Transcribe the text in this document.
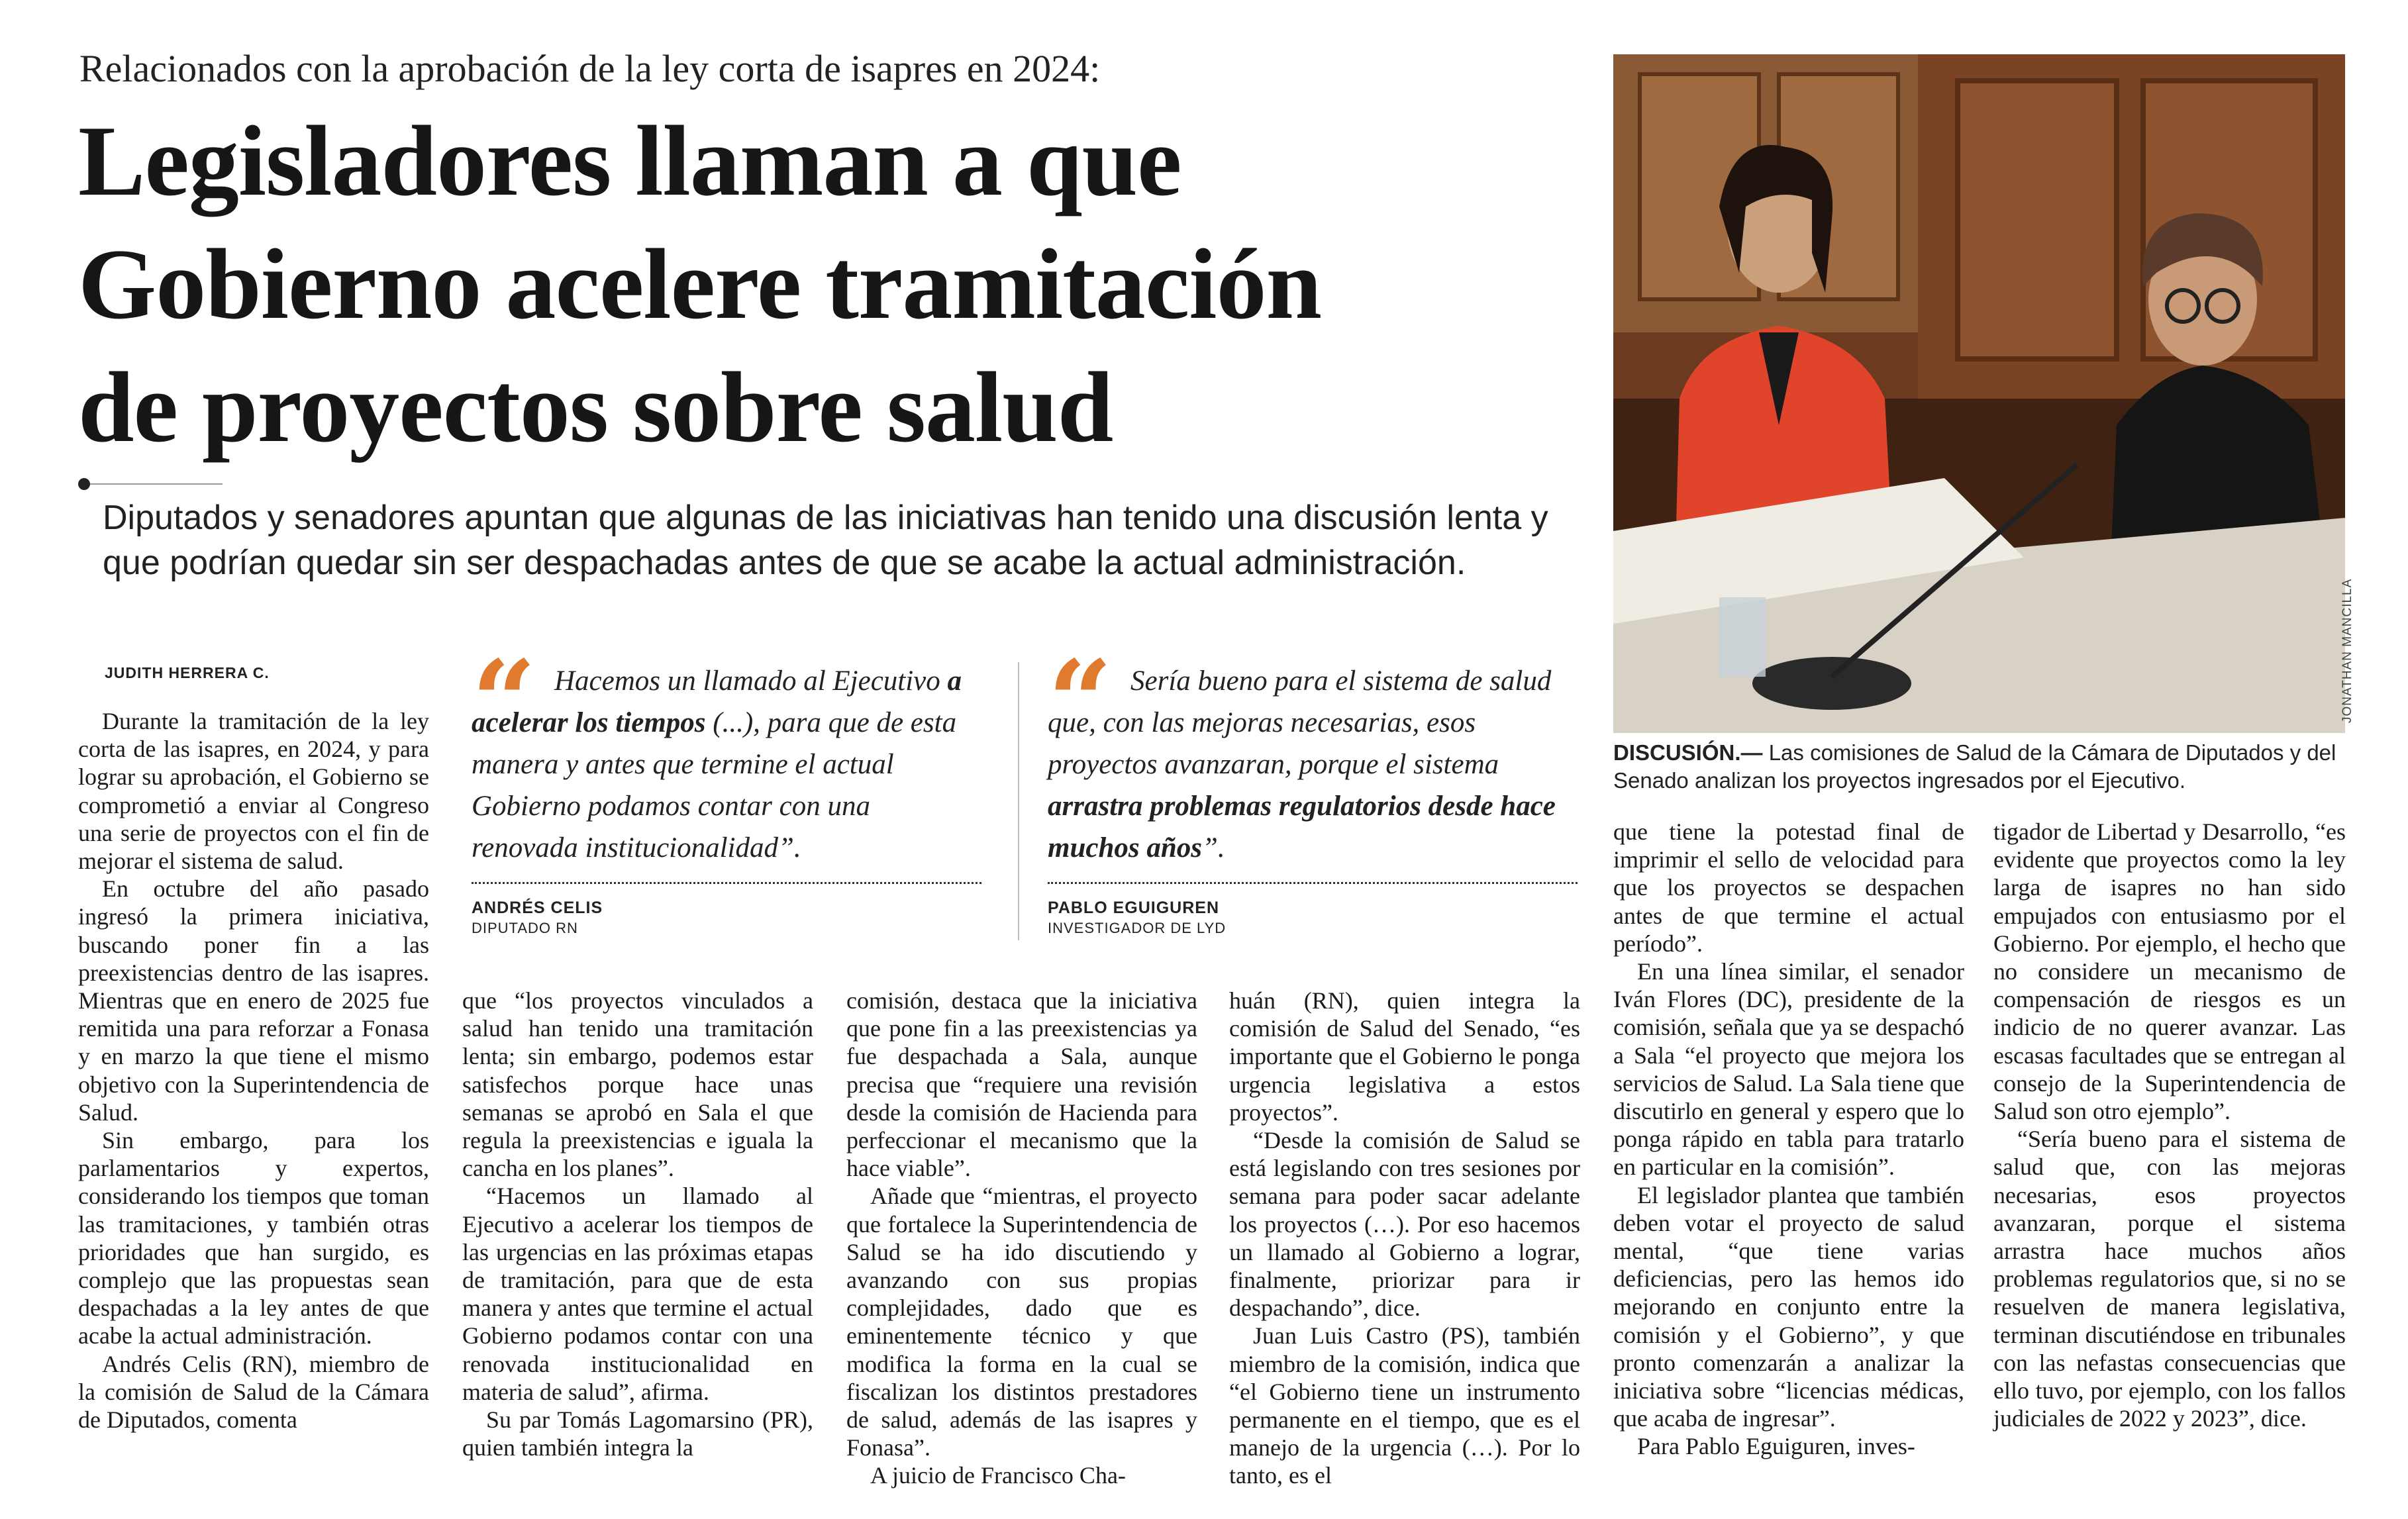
Relacionados con la aprobación de la ley corta de isapres en 2024:
Legisladores llaman a que
Gobierno acelere tramitación
de proyectos sobre salud
Diputados y senadores apuntan que algunas de las iniciativas han tenido una discusión lenta y que podrían quedar sin ser despachadas antes de que se acabe la actual administración.
JONATHAN MANCILLA
DISCUSIÓN.— Las comisiones de Salud de la Cámara de Diputados y del Senado analizan los proyectos ingresados por el Ejecutivo.
JUDITH HERRERA C. “	Hacemos un llamado al Ejecutivo a acelerar los tiempos (...), para que de esta manera y antes que termine el actual Gobierno podamos contar con una renovada institucionalidad”.
ANDRÉS CELIS
DIPUTADO RN
“	Sería bueno para el sistema de salud que, con las mejoras necesarias, esos proyectos avanzaran, porque el sistema arrastra problemas regulatorios desde hace muchos años”.
PABLO EGUIGUREN
INVESTIGADOR DE LYD

Durante la tramitación de la ley corta de las isapres, en 2024, y para lograr su aprobación, el Gobierno se comprometió a enviar al Congreso una serie de proyectos con el fin de mejorar el sistema de salud.

En octubre del año pasado ingresó la primera iniciativa, buscando poner fin a las preexistencias dentro de las isapres. Mientras que en enero de 2025 fue remitida una para reforzar a Fonasa y en marzo la que tiene el mismo objetivo con la Superintendencia de Salud.

Sin embargo, para los parlamentarios y expertos, considerando los tiempos que toman las tramitaciones, y también otras prioridades que han surgido, es complejo que las propuestas sean despachadas a la ley antes de que acabe la actual administración.

Andrés Celis (RN), miembro de la comisión de Salud de la Cámara de Diputados, comenta

que “los proyectos vinculados a salud han tenido una tramitación lenta; sin embargo, podemos estar satisfechos porque hace unas semanas se aprobó en Sala el que regula la preexistencias e iguala la cancha en los planes”.

“Hacemos un llamado al Ejecutivo a acelerar los tiempos de las urgencias en las próximas etapas de tramitación, para que de esta manera y antes que termine el actual Gobierno podamos contar con una renovada institucionalidad en materia de salud”, afirma.

Su par Tomás Lagomarsino (PR), quien también integra la

comisión, destaca que la iniciativa que pone fin a las preexistencias ya fue despachada a Sala, aunque precisa que “requiere una revisión desde la comisión de Hacienda para perfeccionar el mecanismo que la hace viable”.

Añade que “mientras, el proyecto que fortalece la Superintendencia de Salud se ha ido discutiendo y avanzando con sus propias complejidades, dado que es eminentemente técnico y que modifica la forma en la cual se fiscalizan los distintos prestadores de salud, además de las isapres y Fonasa”.

A juicio de Francisco Cha-

huán (RN), quien integra la comisión de Salud del Senado, “es importante que el Gobierno le ponga urgencia legislativa a estos proyectos”.

“Desde la comisión de Salud se está legislando con tres sesiones por semana para poder sacar adelante los proyectos (…). Por eso hacemos un llamado al Gobierno a lograr, finalmente, priorizar para ir despachando”, dice.

Juan Luis Castro (PS), también miembro de la comisión, indica que “el Gobierno tiene un instrumento permanente en el tiempo, que es el manejo de la urgencia (…). Por lo tanto, es el

que tiene la potestad final de imprimir el sello de velocidad para que los proyectos se despachen antes de que termine el actual período”.

En una línea similar, el senador Iván Flores (DC), presidente de la comisión, señala que ya se despachó a Sala “el proyecto que mejora los servicios de Salud. La Sala tiene que discutirlo en general y espero que lo ponga rápido en tabla para tratarlo en particular en la comisión”.

El legislador plantea que también deben votar el proyecto de salud mental, “que tiene varias deficiencias, pero las hemos ido mejorando en conjunto entre la comisión y el Gobierno”, y que pronto comenzarán a analizar la iniciativa sobre “licencias médicas, que acaba de ingresar”.

Para Pablo Eguiguren, inves-

tigador de Libertad y Desarrollo, “es evidente que proyectos como la ley larga de isapres no han sido empujados con entusiasmo por el Gobierno. Por ejemplo, el hecho que no considere un mecanismo de compensación de riesgos es un indicio de no querer avanzar. Las escasas facultades que se entregan al consejo de la Superintendencia de Salud son otro ejemplo”.

“Sería bueno para el sistema de salud que, con las mejoras necesarias, esos proyectos avanzaran, porque el sistema arrastra hace muchos años problemas regulatorios que, si no se resuelven de manera legislativa, terminan discutiéndose en tribunales con las nefastas consecuencias que ello tuvo, por ejemplo, con los fallos judiciales de 2022 y 2023”, dice.
